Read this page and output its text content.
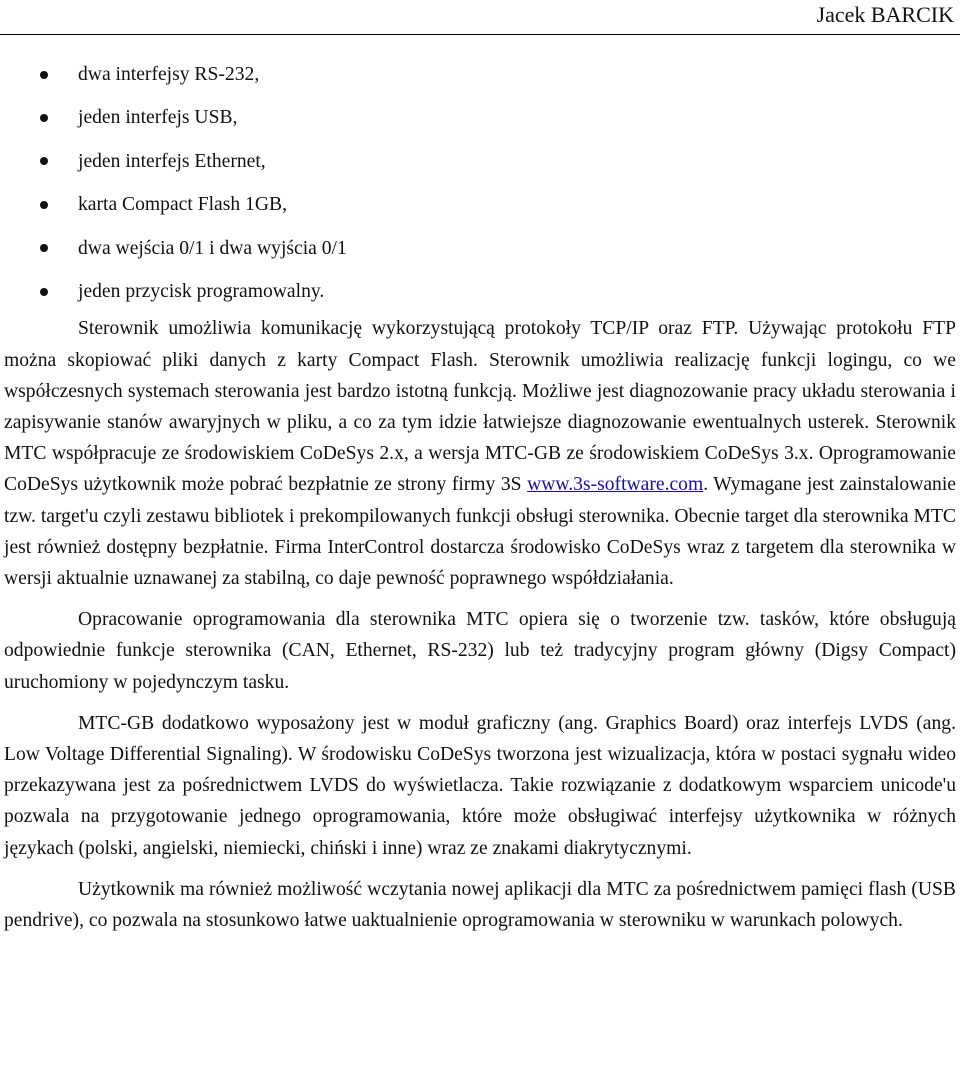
Jacek BARCIK
dwa interfejsy RS-232,
jeden interfejs USB,
jeden interfejs Ethernet,
karta Compact Flash 1GB,
dwa wejścia 0/1 i dwa wyjścia 0/1
jeden przycisk programowalny.

Sterownik umożliwia komunikację wykorzystującą protokoły TCP/IP oraz FTP. Używając protokołu FTP można skopiować pliki danych z karty Compact Flash. Sterownik umożliwia realizację funkcji logingu, co we współczesnych systemach sterowania jest bardzo istotną funkcją. Możliwe jest diagnozowanie pracy układu sterowania i zapisywanie stanów awaryjnych w pliku, a co za tym idzie łatwiejsze diagnozowanie ewentualnych usterek. Sterownik MTC współpracuje ze środowiskiem CoDeSys 2.x, a wersja MTC-GB ze środowiskiem CoDeSys 3.x. Oprogramowanie CoDeSys użytkownik może pobrać bezpłatnie ze strony firmy 3S www.3s-software.com. Wymagane jest zainstalowanie tzw. target'u czyli zestawu bibliotek i prekompilowanych funkcji obsługi sterownika. Obecnie target dla sterownika MTC jest również dostępny bezpłatnie. Firma InterControl dostarcza środowisko CoDeSys wraz z targetem dla sterownika w wersji aktualnie uznawanej za stabilną, co daje pewność poprawnego współdziałania.

Opracowanie oprogramowania dla sterownika MTC opiera się o tworzenie tzw. tasków, które obsługują odpowiednie funkcje sterownika (CAN, Ethernet, RS-232) lub też tradycyjny program główny (Digsy Compact) uruchomiony w pojedynczym tasku.

MTC-GB dodatkowo wyposażony jest w moduł graficzny (ang. Graphics Board) oraz interfejs LVDS (ang. Low Voltage Differential Signaling). W środowisku CoDeSys tworzona jest wizualizacja, która w postaci sygnału wideo przekazywana jest za pośrednictwem LVDS do wyświetlacza. Takie rozwiązanie z dodatkowym wsparciem unicode'u pozwala na przygotowanie jednego oprogramowania, które może obsługiwać interfejsy użytkownika w różnych językach (polski, angielski, niemiecki, chiński i inne) wraz ze znakami diakrytycznymi.

Użytkownik ma również możliwość wczytania nowej aplikacji dla MTC za pośrednictwem pamięci flash (USB pendrive), co pozwala na stosunkowo łatwe uaktualnienie oprogramowania w sterowniku w warunkach polowych.
